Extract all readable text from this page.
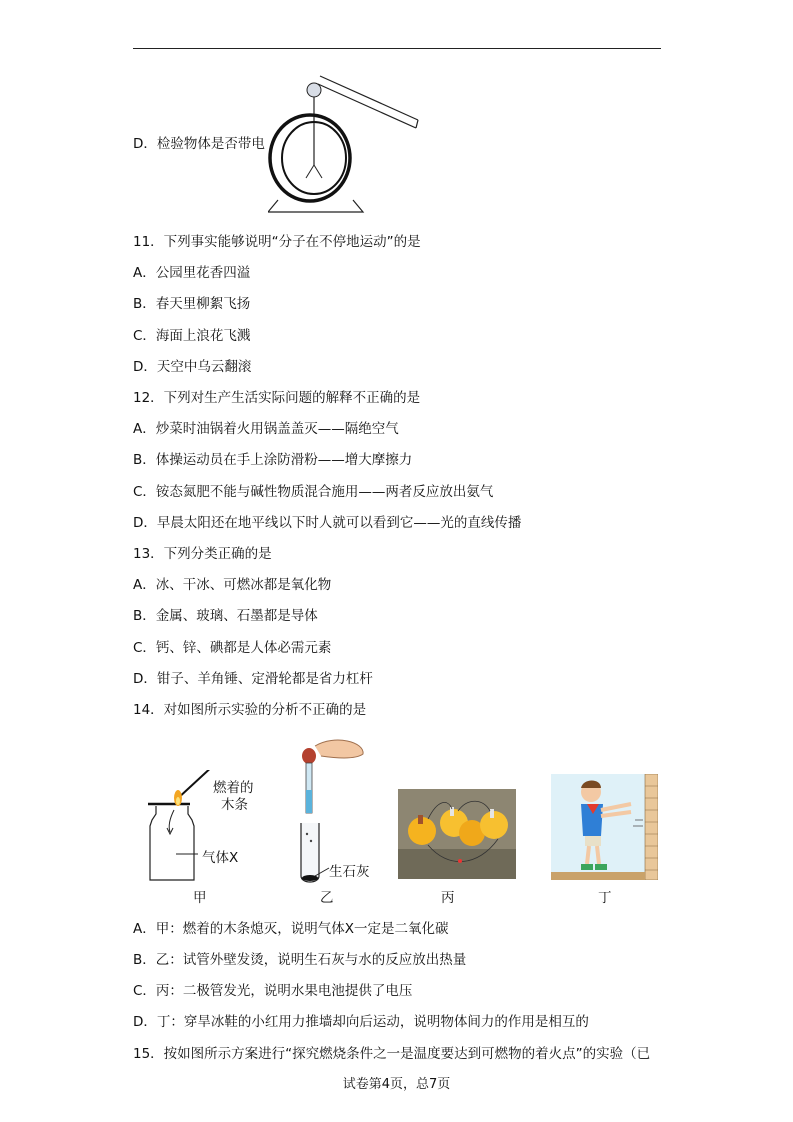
D．检验物体是否带电
11．下列事实能够说明“分子在不停地运动”的是
A．公园里花香四溢
B．春天里柳絮飞扬
C．海面上浪花飞溅
D．天空中乌云翻滚
12．下列对生产生活实际问题的解释不正确的是
A．炒菜时油锅着火用锅盖盖灭——隔绝空气
B．体操运动员在手上涂防滑粉——增大摩擦力
C．铵态氮肥不能与碱性物质混合施用——两者反应放出氨气
D．早晨太阳还在地平线以下时人就可以看到它——光的直线传播
13．下列分类正确的是
A．冰、干冰、可燃冰都是氧化物
B．金属、玻璃、石墨都是导体
C．钙、锌、碘都是人体必需元素
D．钳子、羊角锤、定滑轮都是省力杠杆
14．对如图所示实验的分析不正确的是
燃着的
木条
气体X
甲
生石灰
乙	丙	丁
A．甲：燃着的木条熄灭，说明气体X一定是二氧化碳
B．乙：试管外壁发烫，说明生石灰与水的反应放出热量
C．丙：二极管发光，说明水果电池提供了电压
D．丁：穿旱冰鞋的小红用力推墙却向后运动，说明物体间力的作用是相互的
15．按如图所示方案进行“探究燃烧条件之一是温度要达到可燃物的着火点”的实验（已
试卷第4页，总7页
